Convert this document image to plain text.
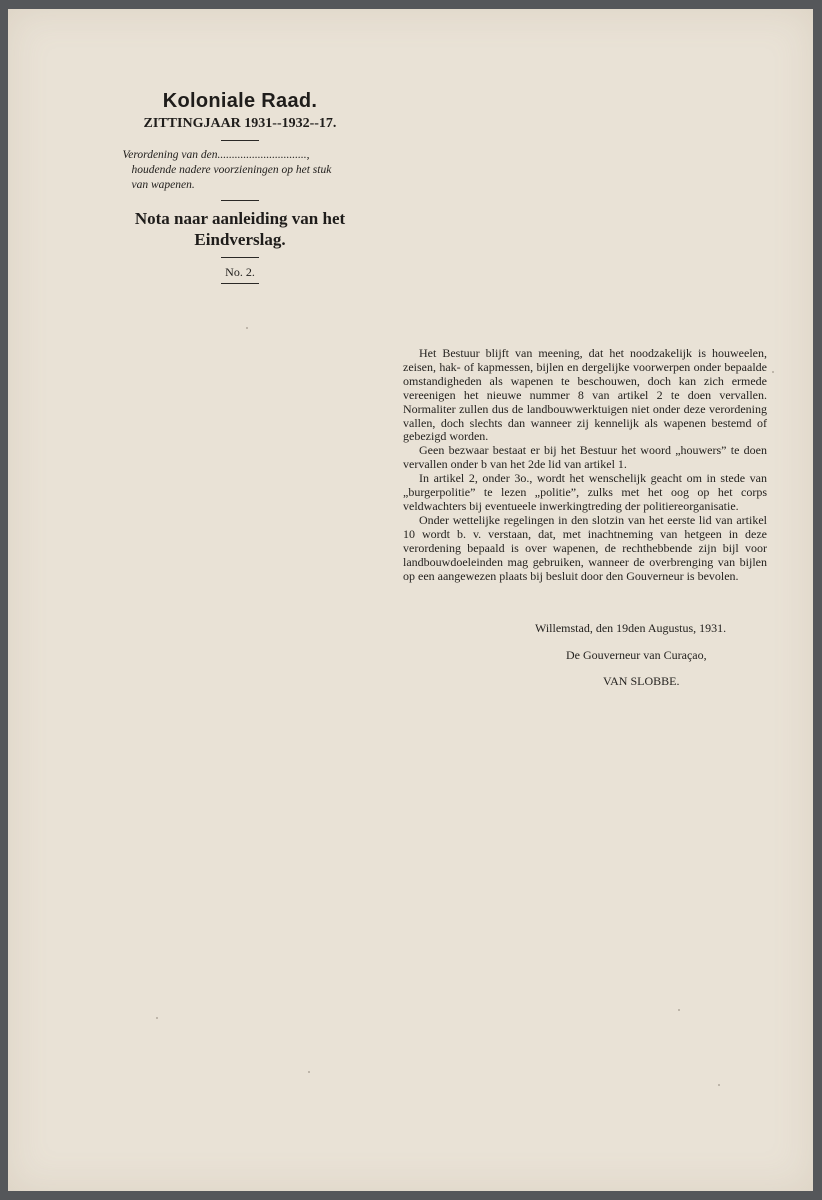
Koloniale Raad.
ZITTINGJAAR 1931--1932--17.
Verordening van den...............................,

houdende nadere voorzieningen op het stuk
van wapenen.
Nota naar aanleiding van het
Eindverslag.
No. 2.

Het Bestuur blijft van meening, dat het noodzakelijk is houweelen, zeisen, hak- of kapmessen, bijlen en dergelijke voorwerpen onder bepaalde omstandigheden als wapenen te beschouwen, doch kan zich ermede vereenigen het nieuwe nummer 8 van artikel 2 te doen vervallen. Normaliter zullen dus de landbouwwerktuigen niet onder deze verordening vallen, doch slechts dan wanneer zij kennelijk als wapenen bestemd of gebezigd worden.

Geen bezwaar bestaat er bij het Bestuur het woord „houwers” te doen vervallen onder b van het 2de lid van artikel 1.

In artikel 2, onder 3o., wordt het wenschelijk geacht om in stede van „burgerpolitie” te lezen „politie”, zulks met het oog op het corps veldwachters bij eventueele inwerkingtreding der politiereorganisatie.

Onder wettelijke regelingen in den slotzin van het eerste lid van artikel 10 wordt b. v. verstaan, dat, met inachtneming van hetgeen in deze verordening bepaald is over wapenen, de rechthebbende zijn bijl voor landbouwdoeleinden mag gebruiken, wanneer de overbrenging van bijlen op een aangewezen plaats bij besluit door den Gouverneur is bevolen.

Willemstad, den 19den Augustus, 1931.
De Gouverneur van Curaçao,
VAN SLOBBE.
